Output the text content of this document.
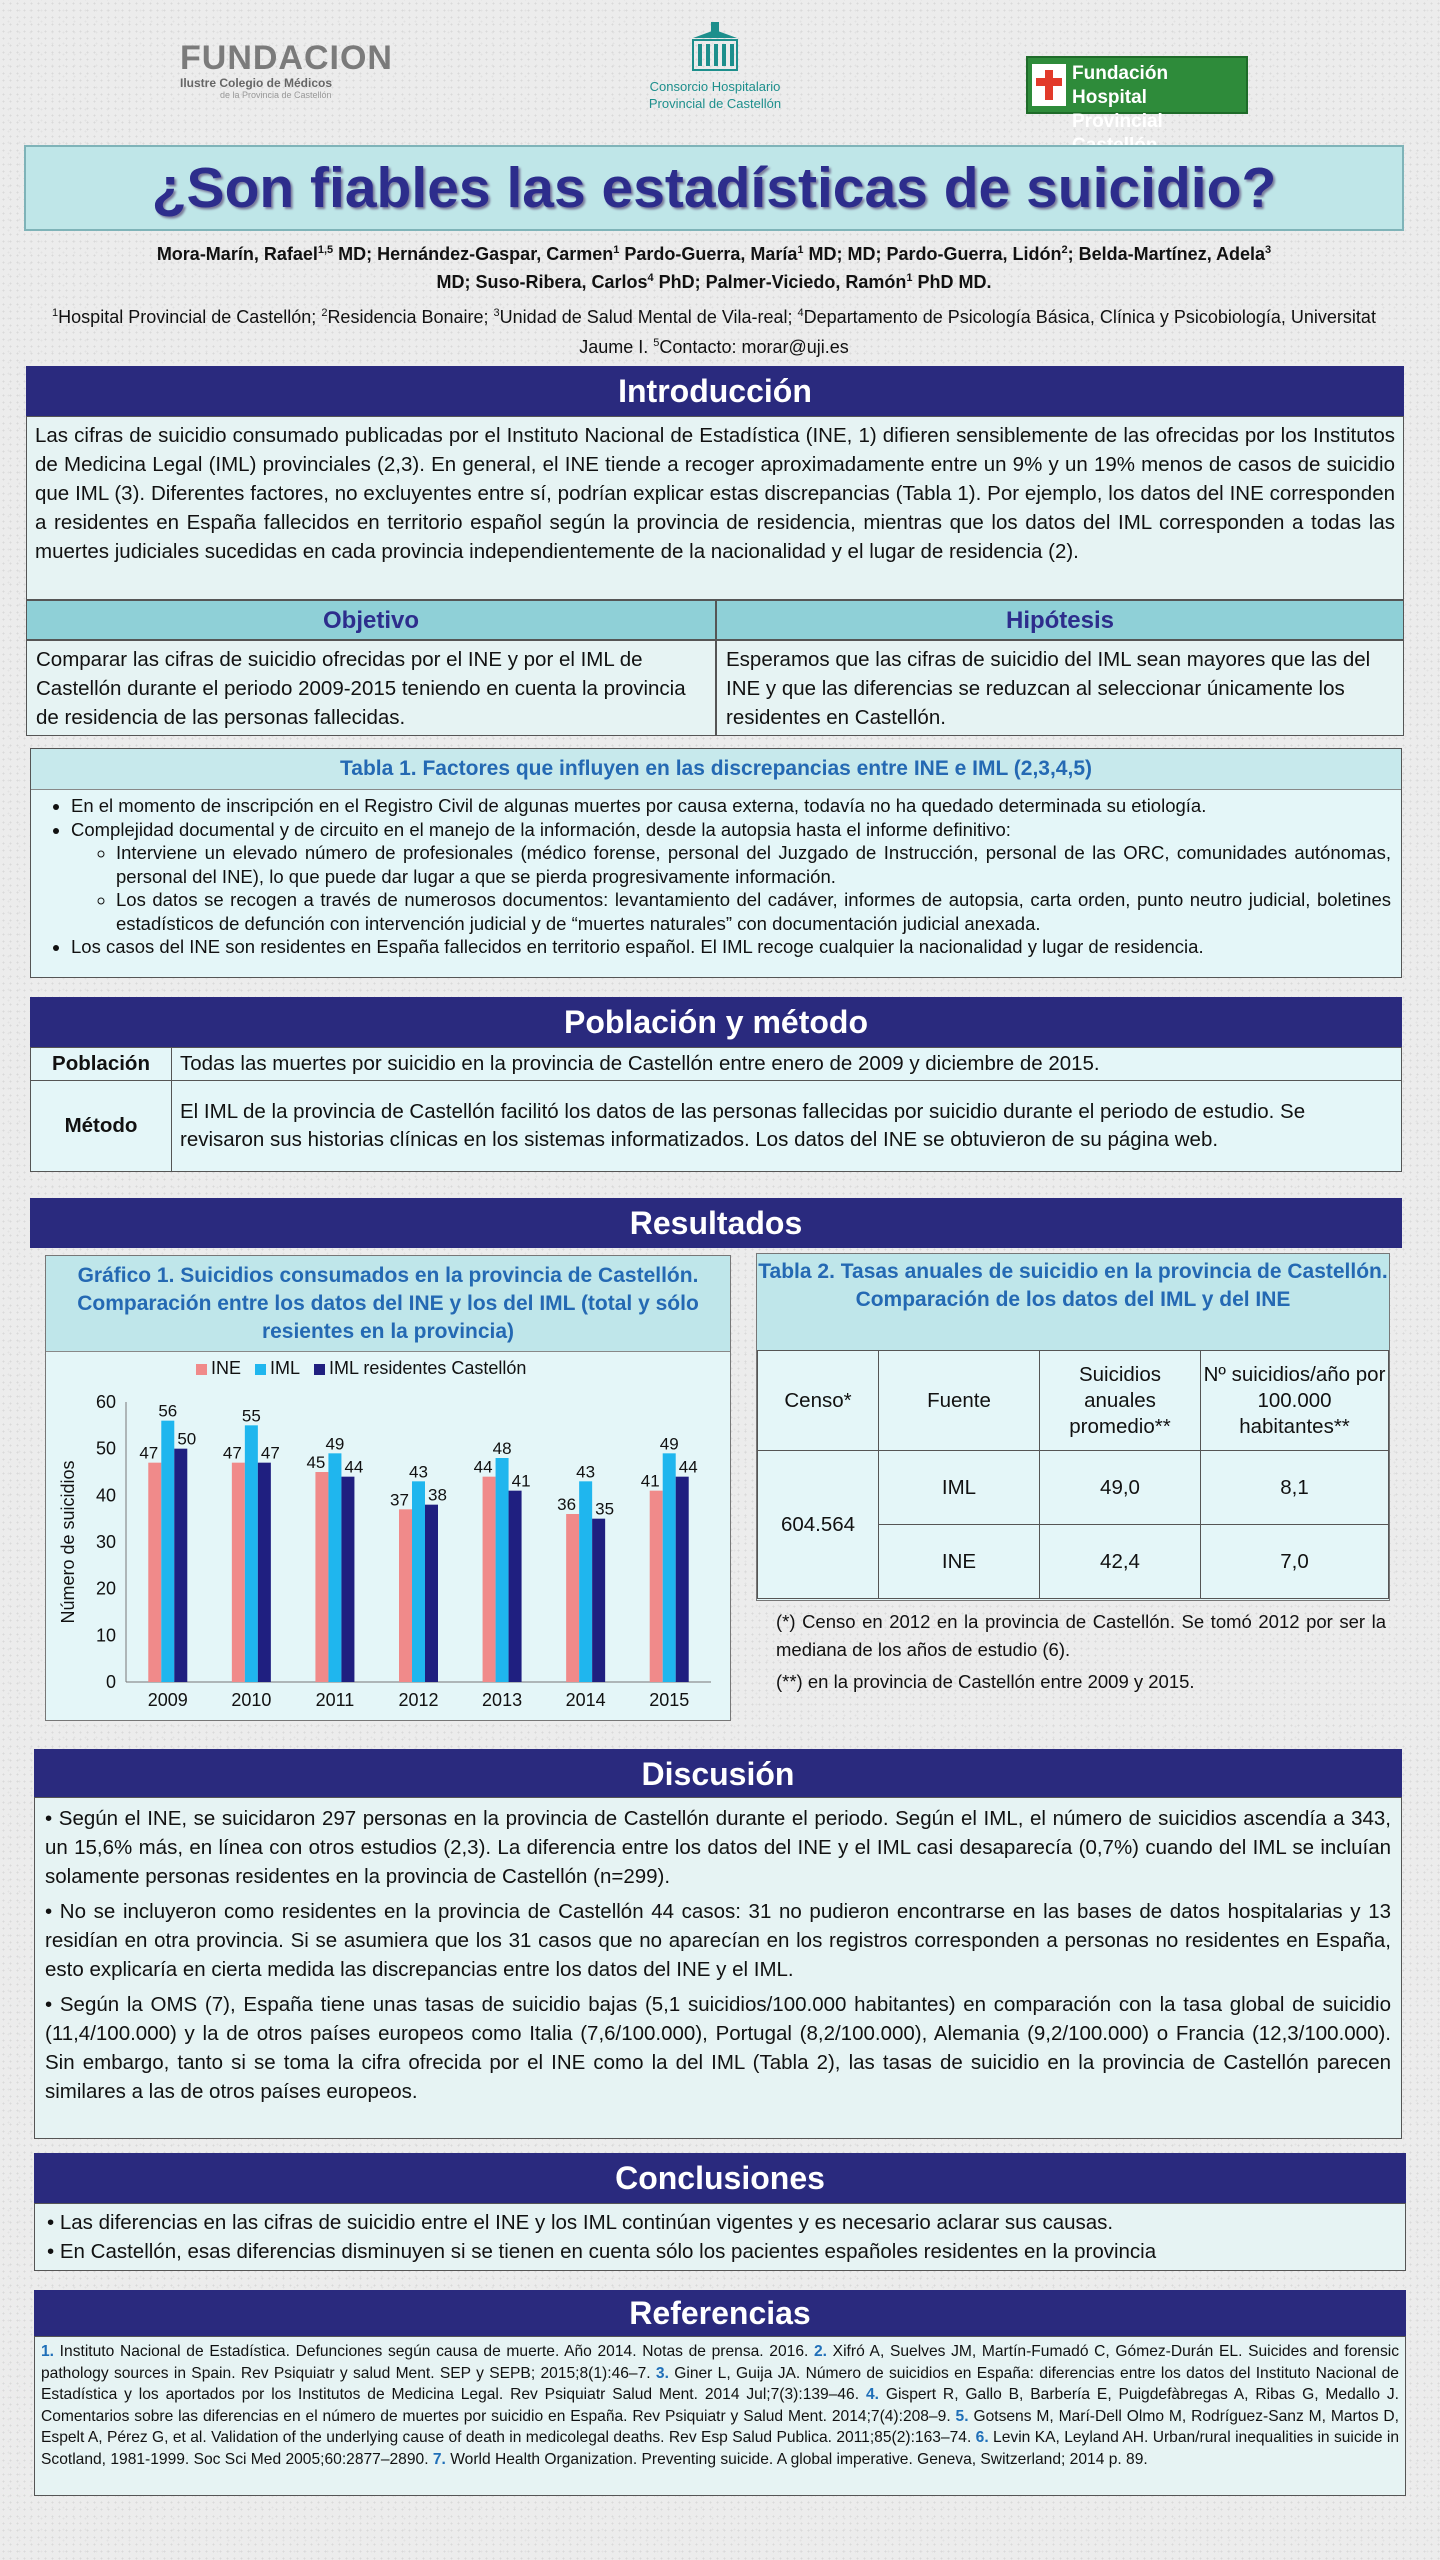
FUNDACION
Ilustre Colegio de Médicos
de la Provincia de Castellón
Consorcio Hospitalario
Provincial de Castellón
Fundación Hospital
Provincial
¿Son fiables las estadísticas de suicidio?
Mora-Marín, Rafael$^{1,5}$ MD; Hernández-Gaspar, Carmen$^1$ Pardo-Guerra, María$^1$ MD; MD; Pardo-Guerra, Lidón$^2$; Belda-Martínez, Adela$^3$
MD; Suso-Ribera, Carlos$^4$ PhD; Palmer-Viciedo, Ramón$^1$ PhD MD.
$^1$Hospital Provincial de Castellón; $^2$Residencia Bonaire; $^3$Unidad de Salud Mental de Vila-real; $^4$Departamento de Psicología Básica, Clínica y Psicobiología, Universitat Jaume I. $^5$Contacto: morar@uji.es
Introducción
Las cifras de suicidio consumado publicadas por el Instituto Nacional de Estadística (INE, 1) difieren sensiblemente de las ofrecidas por los Institutos de Medicina Legal (IML) provinciales (2,3). En general, el INE tiende a recoger aproximadamente entre un 9% y un 19% menos de casos de suicidio que IML (3). Diferentes factores, no excluyentes entre sí, podrían explicar estas discrepancias (Tabla 1). Por ejemplo, los datos del INE corresponden a residentes en España fallecidos en territorio español según la provincia de residencia, mientras que los datos del IML corresponden a todas las muertes judiciales sucedidas en cada provincia independientemente de la nacionalidad y el lugar de residencia (2).
Objetivo	Hipótesis
Comparar las cifras de suicidio ofrecidas por el INE y por el IML de Castellón durante el periodo 2009-2015 teniendo en cuenta la provincia de residencia de las personas fallecidas.
Esperamos que las cifras de suicidio del IML sean mayores que las del INE y que las diferencias se reduzcan al seleccionar únicamente los residentes en Castellón.
Tabla 1. Factores que influyen en las discrepancias entre INE e IML (2,3,4,5)
• En el momento de inscripción en el Registro Civil de algunas muertes por causa externa, todavía no ha quedado determinada su etiología.
• Complejidad documental y de circuito en el manejo de la información, desde la autopsia hasta el informe definitivo:
◦ Interviene un elevado número de profesionales (médico forense, personal del Juzgado de Instrucción, personal de las ORC, comunidades autónomas, personal del INE), lo que puede dar lugar a que se pierda progresivamente información.
◦ Los datos se recogen a través de numerosos documentos: levantamiento del cadáver, informes de autopsia, carta orden, punto neutro judicial, boletines estadísticos de defunción con intervención judicial y de “muertes naturales” con documentación judicial anexada.
• Los casos del INE son residentes en España fallecidos en territorio español. El IML recoge cualquier la nacionalidad y lugar de residencia.
Población y método
Población	Todas las muertes por suicidio en la provincia de Castellón entre enero de 2009 y diciembre de 2015.
Método	El IML de la provincia de Castellón facilitó los datos de las personas fallecidas por suicidio durante el periodo de estudio. Se revisaron sus historias clínicas en los sistemas informatizados. Los datos del INE se obtuvieron de su página web.
Resultados
Gráfico 1. Suicidios consumados en la provincia de Castellón. Comparación entre los datos del INE y los del IML (total y sólo resientes en la provincia)
INE IML IML residentes Castellón
0
10
20
30
40
50
60
Número de suicidios
47
56
50
2009
47
55
47
2010
45
49
44
2011
37
43
38
2012
44
48
41
2013
36
43
35
2014
41
49
44
2015
Tabla 2. Tasas anuales de suicidio en la provincia de Castellón. Comparación de los datos del IML y del INE
Censo*	Fuente	Suicidios anuales promedio**	Nº suicidios/año por 100.000 habitantes**
604.564	IML	49,0	8,1
	INE	42,4	7,0

(*) Censo en 2012 en la provincia de Castellón. Se tomó 2012 por ser la mediana de los años de estudio (6).

(**) en la provincia de Castellón entre 2009 y 2015.

Discusión

• Según el INE, se suicidaron 297 personas en la provincia de Castellón durante el periodo. Según el IML, el número de suicidios ascendía a 343, un 15,6% más, en línea con otros estudios (2,3). La diferencia entre los datos del INE y el IML casi desaparecía (0,7%) cuando del IML se incluían solamente personas residentes en la provincia de Castellón (n=299).

• No se incluyeron como residentes en la provincia de Castellón 44 casos: 31 no pudieron encontrarse en las bases de datos hospitalarias y 13 residían en otra provincia. Si se asumiera que los 31 casos que no aparecían en los registros corresponden a personas no residentes en España, esto explicaría en cierta medida las discrepancias entre los datos del INE y el IML.

• Según la OMS (7), España tiene unas tasas de suicidio bajas (5,1 suicidios/100.000 habitantes) en comparación con la tasa global de suicidio (11,4/100.000) y la de otros países europeos como Italia (7,6/100.000), Portugal (8,2/100.000), Alemania (9,2/100.000) o Francia (12,3/100.000). Sin embargo, tanto si se toma la cifra ofrecida por el INE como la del IML (Tabla 2), las tasas de suicidio en la provincia de Castellón parecen similares a las de otros países europeos.

Conclusiones

• Las diferencias en las cifras de suicidio entre el INE y los IML continúan vigentes y es necesario aclarar sus causas.

• En Castellón, esas diferencias disminuyen si se tienen en cuenta sólo los pacientes españoles residentes en la provincia

Referencias
1. Instituto Nacional de Estadística. Defunciones según causa de muerte. Año 2014. Notas de prensa. 2016. 2. Xifró A, Suelves JM, Martín-Fumadó C, Gómez-Durán EL. Suicides and forensic pathology sources in Spain. Rev Psiquiatr y salud Ment. SEP y SEPB; 2015;8(1):46–7. 3. Giner L, Guija JA. Número de suicidios en España: diferencias entre los datos del Instituto Nacional de Estadística y los aportados por los Institutos de Medicina Legal. Rev Psiquiatr Salud Ment. 2014 Jul;7(3):139–46. 4. Gispert R, Gallo B, Barbería E, Puigdefàbregas A, Ribas G, Medallo J. Comentarios sobre las diferencias en el número de muertes por suicidio en España. Rev Psiquiatr y Salud Ment. 2014;7(4):208–9. 5. Gotsens M, Marí-Dell Olmo M, Rodríguez-Sanz M, Martos D, Espelt A, Pérez G, et al. Validation of the underlying cause of death in medicolegal deaths. Rev Esp Salud Publica. 2011;85(2):163–74. 6. Levin KA, Leyland AH. Urban/rural inequalities in suicide in Scotland, 1981-1999. Soc Sci Med 2005;60:2877–2890. 7. World Health Organization. Preventing suicide. A global imperative. Geneva, Switzerland; 2014 p. 89.
